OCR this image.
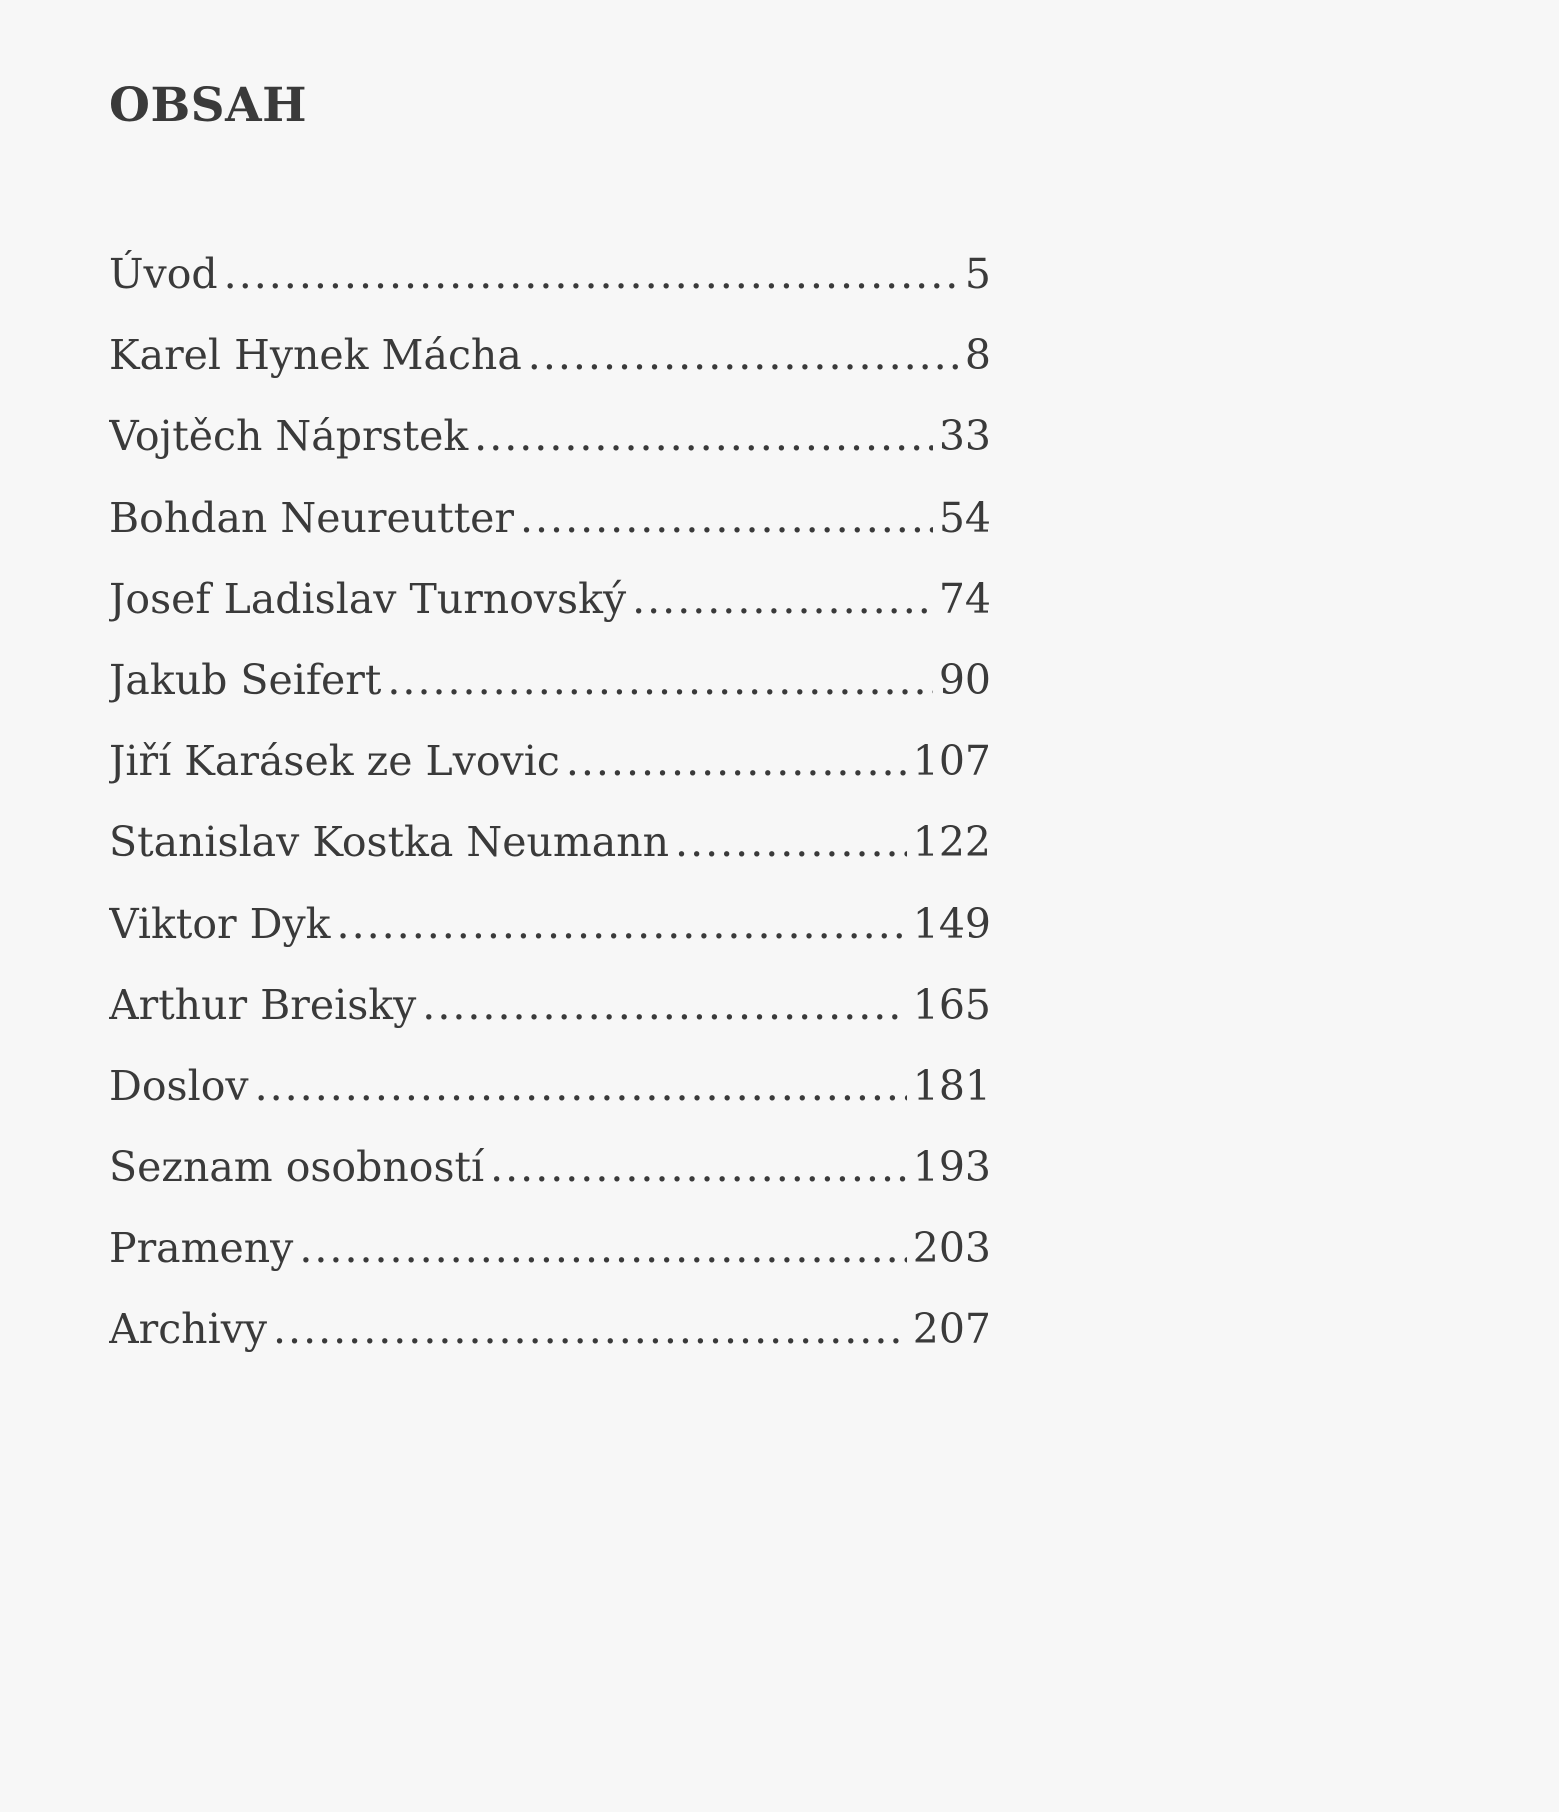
OBSAH
Úvod .....	5
Karel Hynek Mácha .....	8
Vojtěch Náprstek .....	33
Bohdan Neureutter .....	54
Josef Ladislav Turnovský .....	74
Jakub Seifert .....	90
Jiří Karásek ze Lvovic .....	107
Stanislav Kostka Neumann .....	122
Viktor Dyk .....	149
Arthur Breisky .....	165
Doslov .....	181
Seznam osobností .....	193
Prameny .....	203
Archivy .....	207
